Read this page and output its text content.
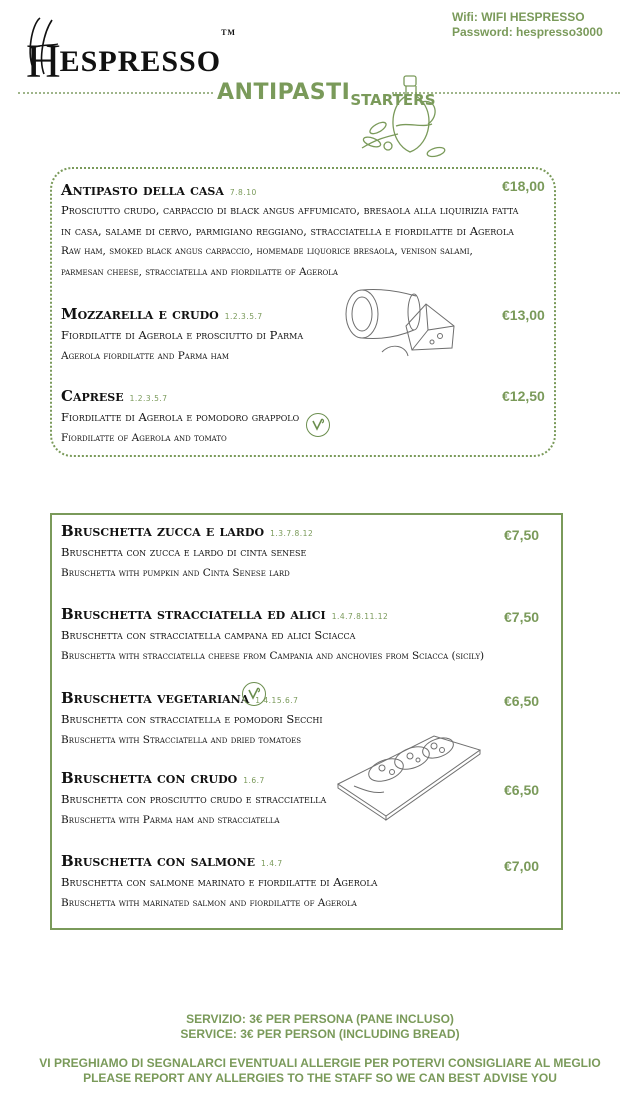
HESPRESSO™
Wifi: WIFI HESPRESSO
Password: hespresso3000
ANTIPASTISTARTERS
Antipasto della casa 7.8.10
Prosciutto crudo, carpaccio di black angus affumicato, bresaola alla liquirizia fatta
in casa, salame di cervo, parmigiano reggiano, stracciatella e fiordilatte di Agerola
Raw ham, smoked black angus carpaccio, homemade liquorice bresaola, venison salami,
parmesan cheese, stracciatella and fiordilatte of Agerola
€18,00
Mozzarella e crudo 1.2.3.5.7
Fiordilatte di Agerola e prosciutto di Parma
Agerola fiordilatte and Parma ham
€13,00
Caprese 1.2.3.5.7
Fiordilatte di Agerola e pomodoro grappolo
Fiordilatte of Agerola and tomato
€12,50
Bruschetta zucca e lardo 1.3.7.8.12
Bruschetta con zucca e lardo di cinta senese
Bruschetta with pumpkin and Cinta Senese lard
€7,50
Bruschetta stracciatella ed alici 1.4.7.8.11.12
Bruschetta con stracciatella campana ed alici Sciacca
Bruschetta with stracciatella cheese from Campania and anchovies from Sciacca (sicily)
€7,50
Bruschetta vegetariana 1.4.15.6.7
Bruschetta con stracciatella e pomodori Secchi
Bruschetta with Stracciatella and dried tomatoes
€6,50
Bruschetta con crudo 1.6.7
Bruschetta con prosciutto crudo e stracciatella
Bruschetta with Parma ham and stracciatella
€6,50
Bruschetta con salmone 1.4.7
Bruschetta con salmone marinato e fiordilatte di Agerola
Bruschetta with marinated salmon and fiordilatte of Agerola
€7,00
SERVIZIO: 3€ PER PERSONA (PANE INCLUSO)
SERVICE: 3€ PER PERSON (INCLUDING BREAD)
VI PREGHIAMO DI SEGNALARCI EVENTUALI ALLERGIE PER POTERVI CONSIGLIARE AL MEGLIO
PLEASE REPORT ANY ALLERGIES TO THE STAFF SO WE CAN BEST ADVISE YOU
